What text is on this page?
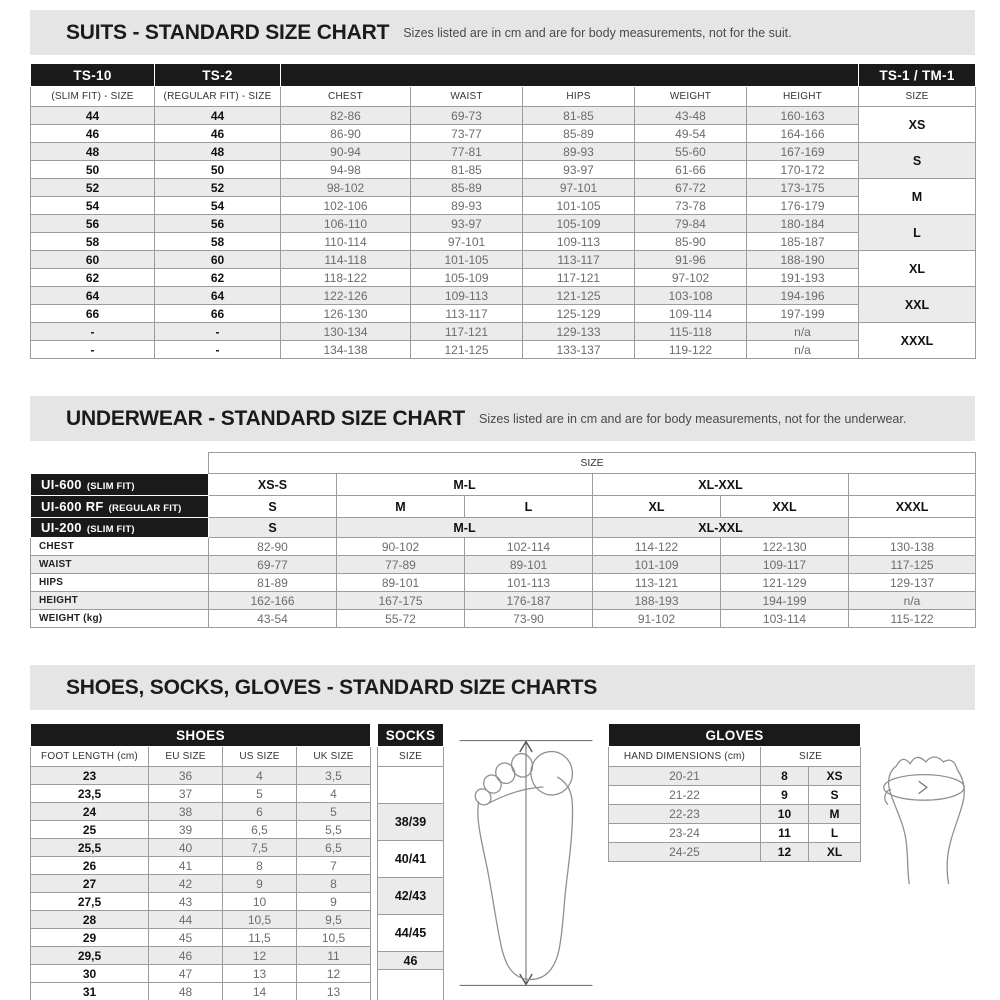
SUITS - STANDARD SIZE CHART Sizes listed are in cm and are for body measurements, not for the suit.
TS-10	TS-2						TS-1 / TM-1
(SLIM FIT) - SIZE	(REGULAR FIT) - SIZE	CHEST	WAIST	HIPS	WEIGHT	HEIGHT	SIZE
44	44	82-86	69-73	81-85	43-48	160-163	XS
46	46	86-90	73-77	85-89	49-54	164-166	
48	48	90-94	77-81	89-93	55-60	167-169	S
50	50	94-98	81-85	93-97	61-66	170-172	
52	52	98-102	85-89	97-101	67-72	173-175	M
54	54	102-106	89-93	101-105	73-78	176-179	
56	56	106-110	93-97	105-109	79-84	180-184	L
58	58	110-114	97-101	109-113	85-90	185-187	
60	60	114-118	101-105	113-117	91-96	188-190	XL
62	62	118-122	105-109	117-121	97-102	191-193	
64	64	122-126	109-113	121-125	103-108	194-196	XXL
66	66	126-130	113-117	125-129	109-114	197-199	
-	-	130-134	117-121	129-133	115-118	n/a	XXXL
-	-	134-138	121-125	133-137	119-122	n/a	
UNDERWEAR - STANDARD SIZE CHART Sizes listed are in cm and are for body measurements, not for the underwear.
	SIZE					
UI-600 (SLIM FIT)	XS-S	M-L		XL-XXL		
UI-600 RF (REGULAR FIT)	S	M	L	XL	XXL	XXXL
UI-200 (SLIM FIT)	S	M-L		XL-XXL		
CHEST	82-90	90-102	102-114	114-122	122-130	130-138
WAIST	69-77	77-89	89-101	101-109	109-117	117-125
HIPS	81-89	89-101	101-113	113-121	121-129	129-137
HEIGHT	162-166	167-175	176-187	188-193	194-199	n/a
WEIGHT (kg)	43-54	55-72	73-90	91-102	103-114	115-122
SHOES, SOCKS, GLOVES - STANDARD SIZE CHARTS
SHOES			
FOOT LENGTH (cm)	EU SIZE	US SIZE	UK SIZE
23	36	4	3,5
23,5	37	5	4
24	38	6	5
25	39	6,5	5,5
25,5	40	7,5	6,5
26	41	8	7
27	42	9	8
27,5	43	10	9
28	44	10,5	9,5
29	45	11,5	10,5
29,5	46	12	11
30	47	13	12
31	48	14	13
SOCKS
SIZE

38/39

40/41

42/43

44/45

46

GLOVES		
HAND DIMENSIONS (cm)	SIZE	
20-21	8	XS
21-22	9	S
22-23	10	M
23-24	11	L
24-25	12	XL
